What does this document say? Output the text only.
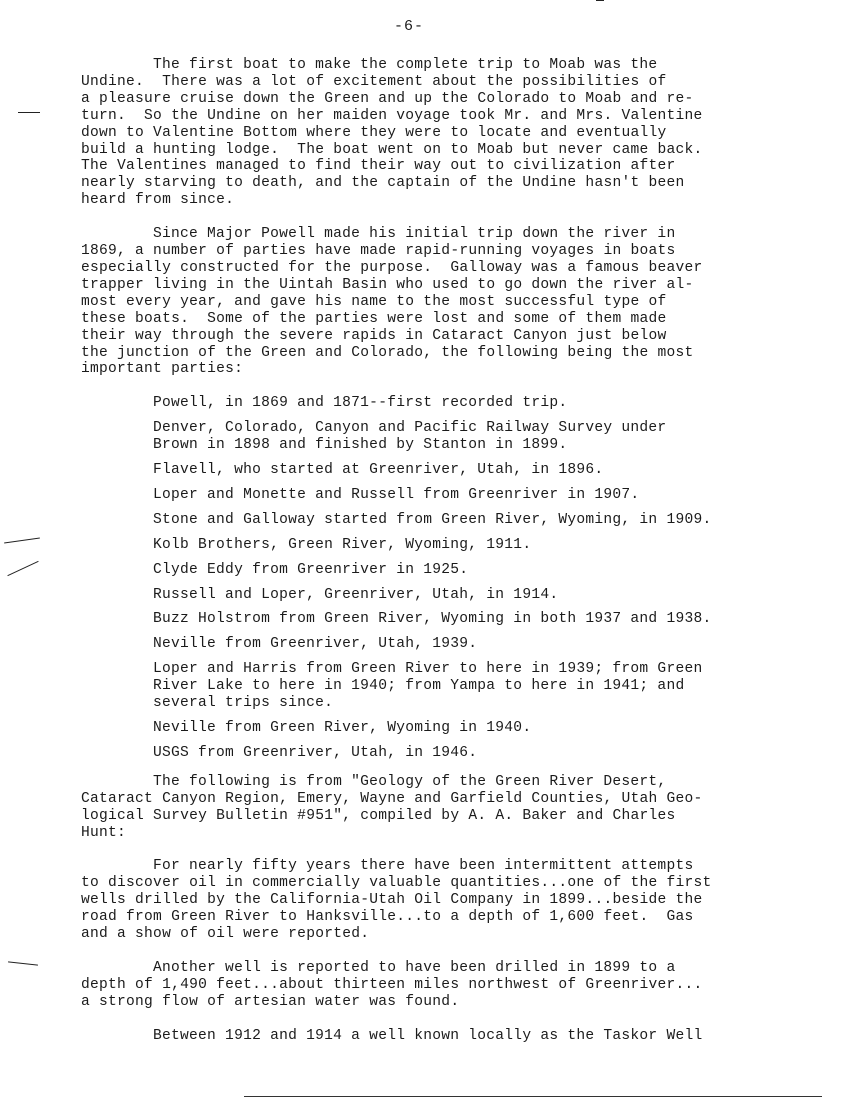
-6-
The first boat to make the complete trip to Moab was the
Undine.  There was a lot of excitement about the possibilities of
a pleasure cruise down the Green and up the Colorado to Moab and re-
turn.  So the Undine on her maiden voyage took Mr. and Mrs. Valentine
down to Valentine Bottom where they were to locate and eventually
build a hunting lodge.  The boat went on to Moab but never came back.
The Valentines managed to find their way out to civilization after
nearly starving to death, and the captain of the Undine hasn't been
heard from since.
Since Major Powell made his initial trip down the river in
1869, a number of parties have made rapid-running voyages in boats
especially constructed for the purpose.  Galloway was a famous beaver
trapper living in the Uintah Basin who used to go down the river al-
most every year, and gave his name to the most successful type of
these boats.  Some of the parties were lost and some of them made
their way through the severe rapids in Cataract Canyon just below
the junction of the Green and Colorado, the following being the most
important parties:
Powell, in 1869 and 1871--first recorded trip.
Denver, Colorado, Canyon and Pacific Railway Survey under
Brown in 1898 and finished by Stanton in 1899.
Flavell, who started at Greenriver, Utah, in 1896.
Loper and Monette and Russell from Greenriver in 1907.
Stone and Galloway started from Green River, Wyoming, in 1909.
Kolb Brothers, Green River, Wyoming, 1911.
Clyde Eddy from Greenriver in 1925.
Russell and Loper, Greenriver, Utah, in 1914.
Buzz Holstrom from Green River, Wyoming in both 1937 and 1938.
Neville from Greenriver, Utah, 1939.
Loper and Harris from Green River to here in 1939; from Green
River Lake to here in 1940; from Yampa to here in 1941; and
several trips since.
Neville from Green River, Wyoming in 1940.
USGS from Greenriver, Utah, in 1946.
The following is from "Geology of the Green River Desert,
Cataract Canyon Region, Emery, Wayne and Garfield Counties, Utah Geo-
logical Survey Bulletin #951", compiled by A. A. Baker and Charles
Hunt:
For nearly fifty years there have been intermittent attempts
to discover oil in commercially valuable quantities...one of the first
wells drilled by the California-Utah Oil Company in 1899...beside the
road from Green River to Hanksville...to a depth of 1,600 feet.  Gas
and a show of oil were reported.
Another well is reported to have been drilled in 1899 to a
depth of 1,490 feet...about thirteen miles northwest of Greenriver...
a strong flow of artesian water was found.
Between 1912 and 1914 a well known locally as the Taskor Well
